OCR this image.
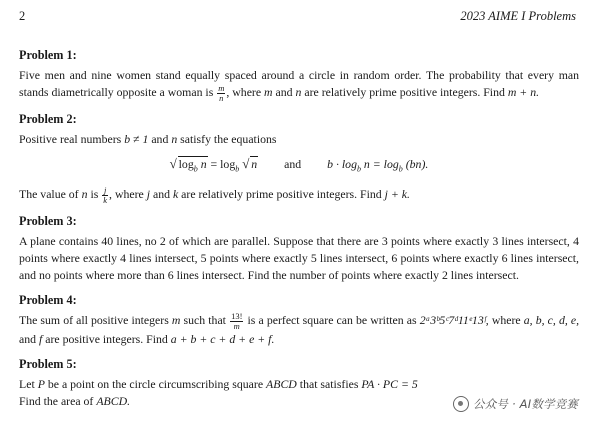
2	2023 AIME I Problems
Problem 1:
Five men and nine women stand equally spaced around a circle in random order. The probability that every man stands diametrically opposite a woman is $\frac{m}{n}$ , where m and n are relatively prime positive integers. Find m + n.
Problem 2:
Positive real numbers b ≠ 1 and n satisfy the equations
√ $\log_b n = \log_b$ √ n and $b \cdot \log_b n = \log_b (bn)$.
The value of n is $\frac{j}{k}$ , where j and k are relatively prime positive integers. Find j + k.
Problem 3:
A plane contains 40 lines, no 2 of which are parallel. Suppose that there are 3 points where exactly 3 lines intersect, 4 points where exactly 4 lines intersect, 5 points where exactly 5 lines intersect, 6 points where exactly 6 lines intersect, and no points where more than 6 lines intersect. Find the number of points where exactly 2 lines intersect.
Problem 4:
The sum of all positive integers m such that $\frac{13!}{m}$ is a perfect square can be written as 2ᵃ3ᵇ5ᶜ7ᵈ11ᵉ13ᶠ, where a, b, c, d, e, and f are positive integers. Find a + b + c + d + e + f.
Problem 5:
Let P be a point on the circle circumscribing square ABCD that satisfies PA · PC = 5
Find the area of ABCD.	公众号 · AI数学竞赛
